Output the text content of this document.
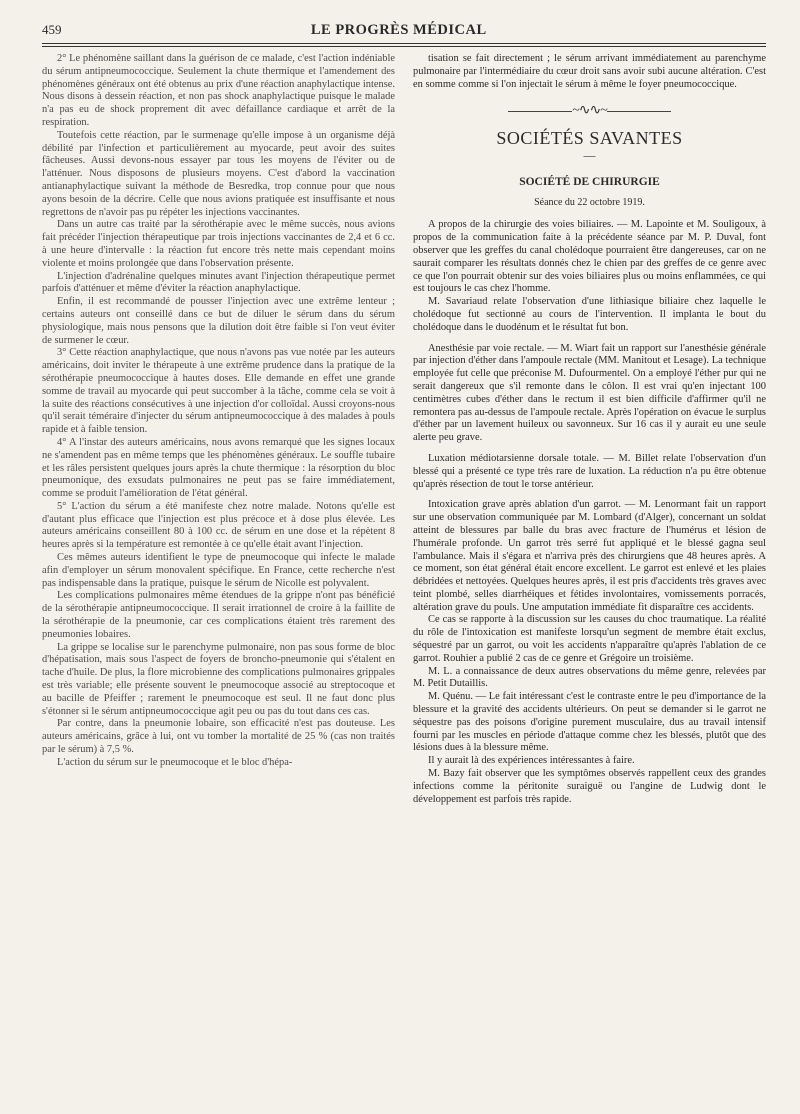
459	LE PROGRÈS MÉDICAL

2° Le phénomène saillant dans la guérison de ce malade, c'est l'action indéniable du sérum antipneumococcique. Seulement la chute thermique et l'amendement des phénomènes généraux ont été obtenus au prix d'une réaction anaphylactique intense. Nous disons à dessein réaction, et non pas shock anaphylactique puisque le malade n'a pas eu de shock proprement dit avec défaillance cardiaque et arrêt de la respiration.

Toutefois cette réaction, par le surmenage qu'elle impose à un organisme déjà débilité par l'infection et particulièrement au myocarde, peut avoir des suites fâcheuses. Aussi devons-nous essayer par tous les moyens de l'éviter ou de l'atténuer. Nous disposons de plusieurs moyens. C'est d'abord la vaccination antianaphylactique suivant la méthode de Besredka, trop connue pour que nous ayons besoin de la décrire. Celle que nous avions pratiquée est insuffisante et nous regrettons de n'avoir pas pu répéter les injections vaccinantes.

Dans un autre cas traité par la sérothérapie avec le même succès, nous avions fait précéder l'injection thérapeutique par trois injections vaccinantes de 2,4 et 6 cc. à une heure d'intervalle : la réaction fut encore très nette mais cependant moins violente et moins prolongée que dans l'observation présente.

L'injection d'adrénaline quelques minutes avant l'injection thérapeutique permet parfois d'atténuer et même d'éviter la réaction anaphylactique.

Enfin, il est recommandé de pousser l'injection avec une extrême lenteur ; certains auteurs ont conseillé dans ce but de diluer le sérum dans du sérum physiologique, mais nous pensons que la dilution doit être faible si l'on veut éviter de surmener le cœur.

3° Cette réaction anaphylactique, que nous n'avons pas vue notée par les auteurs américains, doit inviter le thérapeute à une extrême prudence dans la pratique de la sérothérapie pneumococcique à hautes doses. Elle demande en effet une grande somme de travail au myocarde qui peut succomber à la tâche, comme cela se voit à la suite des réactions consécutives à une injection d'or colloïdal. Aussi croyons-nous qu'il serait téméraire d'injecter du sérum antipneumococcique à des malades à pouls rapide et à faible tension.

4° A l'instar des auteurs américains, nous avons remarqué que les signes locaux ne s'amendent pas en même temps que les phénomènes généraux. Le souffle tubaire et les râles persistent quelques jours après la chute thermique : la résorption du bloc pneumonique, des exsudats pulmonaires ne peut pas se faire immédiatement, comme se produit l'amélioration de l'état général.

5° L'action du sérum a été manifeste chez notre malade. Notons qu'elle est d'autant plus efficace que l'injection est plus précoce et à dose plus élevée. Les auteurs américains conseillent 80 à 100 cc. de sérum en une dose et la répètent 8 heures après si la température est remontée à ce qu'elle était avant l'injection.

Ces mêmes auteurs identifient le type de pneumocoque qui infecte le malade afin d'employer un sérum monovalent spécifique. En France, cette recherche n'est pas indispensable dans la pratique, puisque le sérum de Nicolle est polyvalent.

Les complications pulmonaires même étendues de la grippe n'ont pas bénéficié de la sérothérapie antipneumococcique. Il serait irrationnel de croire à la faillite de la sérothérapie de la pneumonie, car ces complications étaient très rarement des pneumonies lobaires.

La grippe se localise sur le parenchyme pulmonaire, non pas sous forme de bloc d'hépatisation, mais sous l'aspect de foyers de broncho-pneumonie qui s'étalent en tache d'huile. De plus, la flore microbienne des complications pulmonaires grippales est très variable; elle présente souvent le pneumocoque associé au streptocoque et au bacille de Pfeiffer ; rarement le pneumocoque est seul. Il ne faut donc plus s'étonner si le sérum antipneumococcique agit peu ou pas du tout dans ces cas.

Par contre, dans la pneumonie lobaire, son efficacité n'est pas douteuse. Les auteurs américains, grâce à lui, ont vu tomber la mortalité de 25 % (cas non traités par le sérum) à 7,5 %.

L'action du sérum sur le pneumocoque et le bloc d'hépa-

tisation se fait directement ; le sérum arrivant immédiatement au parenchyme pulmonaire par l'intermédiaire du cœur droit sans avoir subi aucune altération. C'est en somme comme si l'on injectait le sérum à même le foyer pneumococcique.

~∿∿~
SOCIÉTÉS SAVANTES
—
SOCIÉTÉ DE CHIRURGIE
Séance du 22 octobre 1919.

A propos de la chirurgie des voies biliaires. — M. Lapointe et M. Souligoux, à propos de la communication faite à la précédente séance par M. P. Duval, font observer que les greffes du canal cholédoque pourraient être dangereuses, car on ne saurait comparer les résultats donnés chez le chien par des greffes de ce genre avec ce que l'on pourrait obtenir sur des voies biliaires plus ou moins enflammées, ce qui est toujours le cas chez l'homme.

M. Savariaud relate l'observation d'une lithiasique biliaire chez laquelle le cholédoque fut sectionné au cours de l'intervention. Il implanta le bout du cholédoque dans le duodénum et le résultat fut bon.

Anesthésie par voie rectale. — M. Wiart fait un rapport sur l'anesthésie générale par injection d'éther dans l'ampoule rectale (MM. Manitout et Lesage). La technique employée fut celle que préconise M. Dufourmentel. On a employé l'éther pur qui ne serait dangereux que s'il remonte dans le côlon. Il est vrai qu'en injectant 100 centimètres cubes d'éther dans le rectum il est bien difficile d'affirmer qu'il ne remontera pas au-dessus de l'ampoule rectale. Après l'opération on évacue le surplus d'éther par un lavement huileux ou savonneux. Sur 16 cas il y aurait eu une seule alerte peu grave.

Luxation médiotarsienne dorsale totale. — M. Billet relate l'observation d'un blessé qui a présenté ce type très rare de luxation. La réduction n'a pu être obtenue qu'après résection de tout le torse antérieur.

Intoxication grave après ablation d'un garrot. — M. Lenormant fait un rapport sur une observation communiquée par M. Lombard (d'Alger), concernant un soldat atteint de blessures par balle du bras avec fracture de l'humérus et lésion de l'humérale profonde. Un garrot très serré fut appliqué et le blessé gagna seul l'ambulance. Mais il s'égara et n'arriva près des chirurgiens que 48 heures après. A ce moment, son état général était encore excellent. Le garrot est enlevé et les plaies débridées et nettoyées. Quelques heures après, il est pris d'accidents très graves avec teint plombé, selles diarrhéiques et fétides involontaires, vomissements porracés, altération grave du pouls. Une amputation immédiate fit disparaître ces accidents.

Ce cas se rapporte à la discussion sur les causes du choc traumatique. La réalité du rôle de l'intoxication est manifeste lorsqu'un segment de membre était exclus, séquestré par un garrot, ou voit les accidents n'apparaître qu'après l'ablation de ce garrot. Rouhier a publié 2 cas de ce genre et Grégoire un troisième.

M. L. a connaissance de deux autres observations du même genre, relevées par M. Petit Dutaillis.

M. Quénu. — Le fait intéressant c'est le contraste entre le peu d'importance de la blessure et la gravité des accidents ultérieurs. On peut se demander si le garrot ne séquestre pas des poisons d'origine purement musculaire, dus au travail intensif fourni par les muscles en période d'attaque comme chez les blessés, plutôt que des lésions dues à la blessure même.

Il y aurait là des expériences intéressantes à faire.

M. Bazy fait observer que les symptômes observés rappellent ceux des grandes infections comme la péritonite suraiguë ou l'angine de Ludwig dont le développement est parfois très rapide.
